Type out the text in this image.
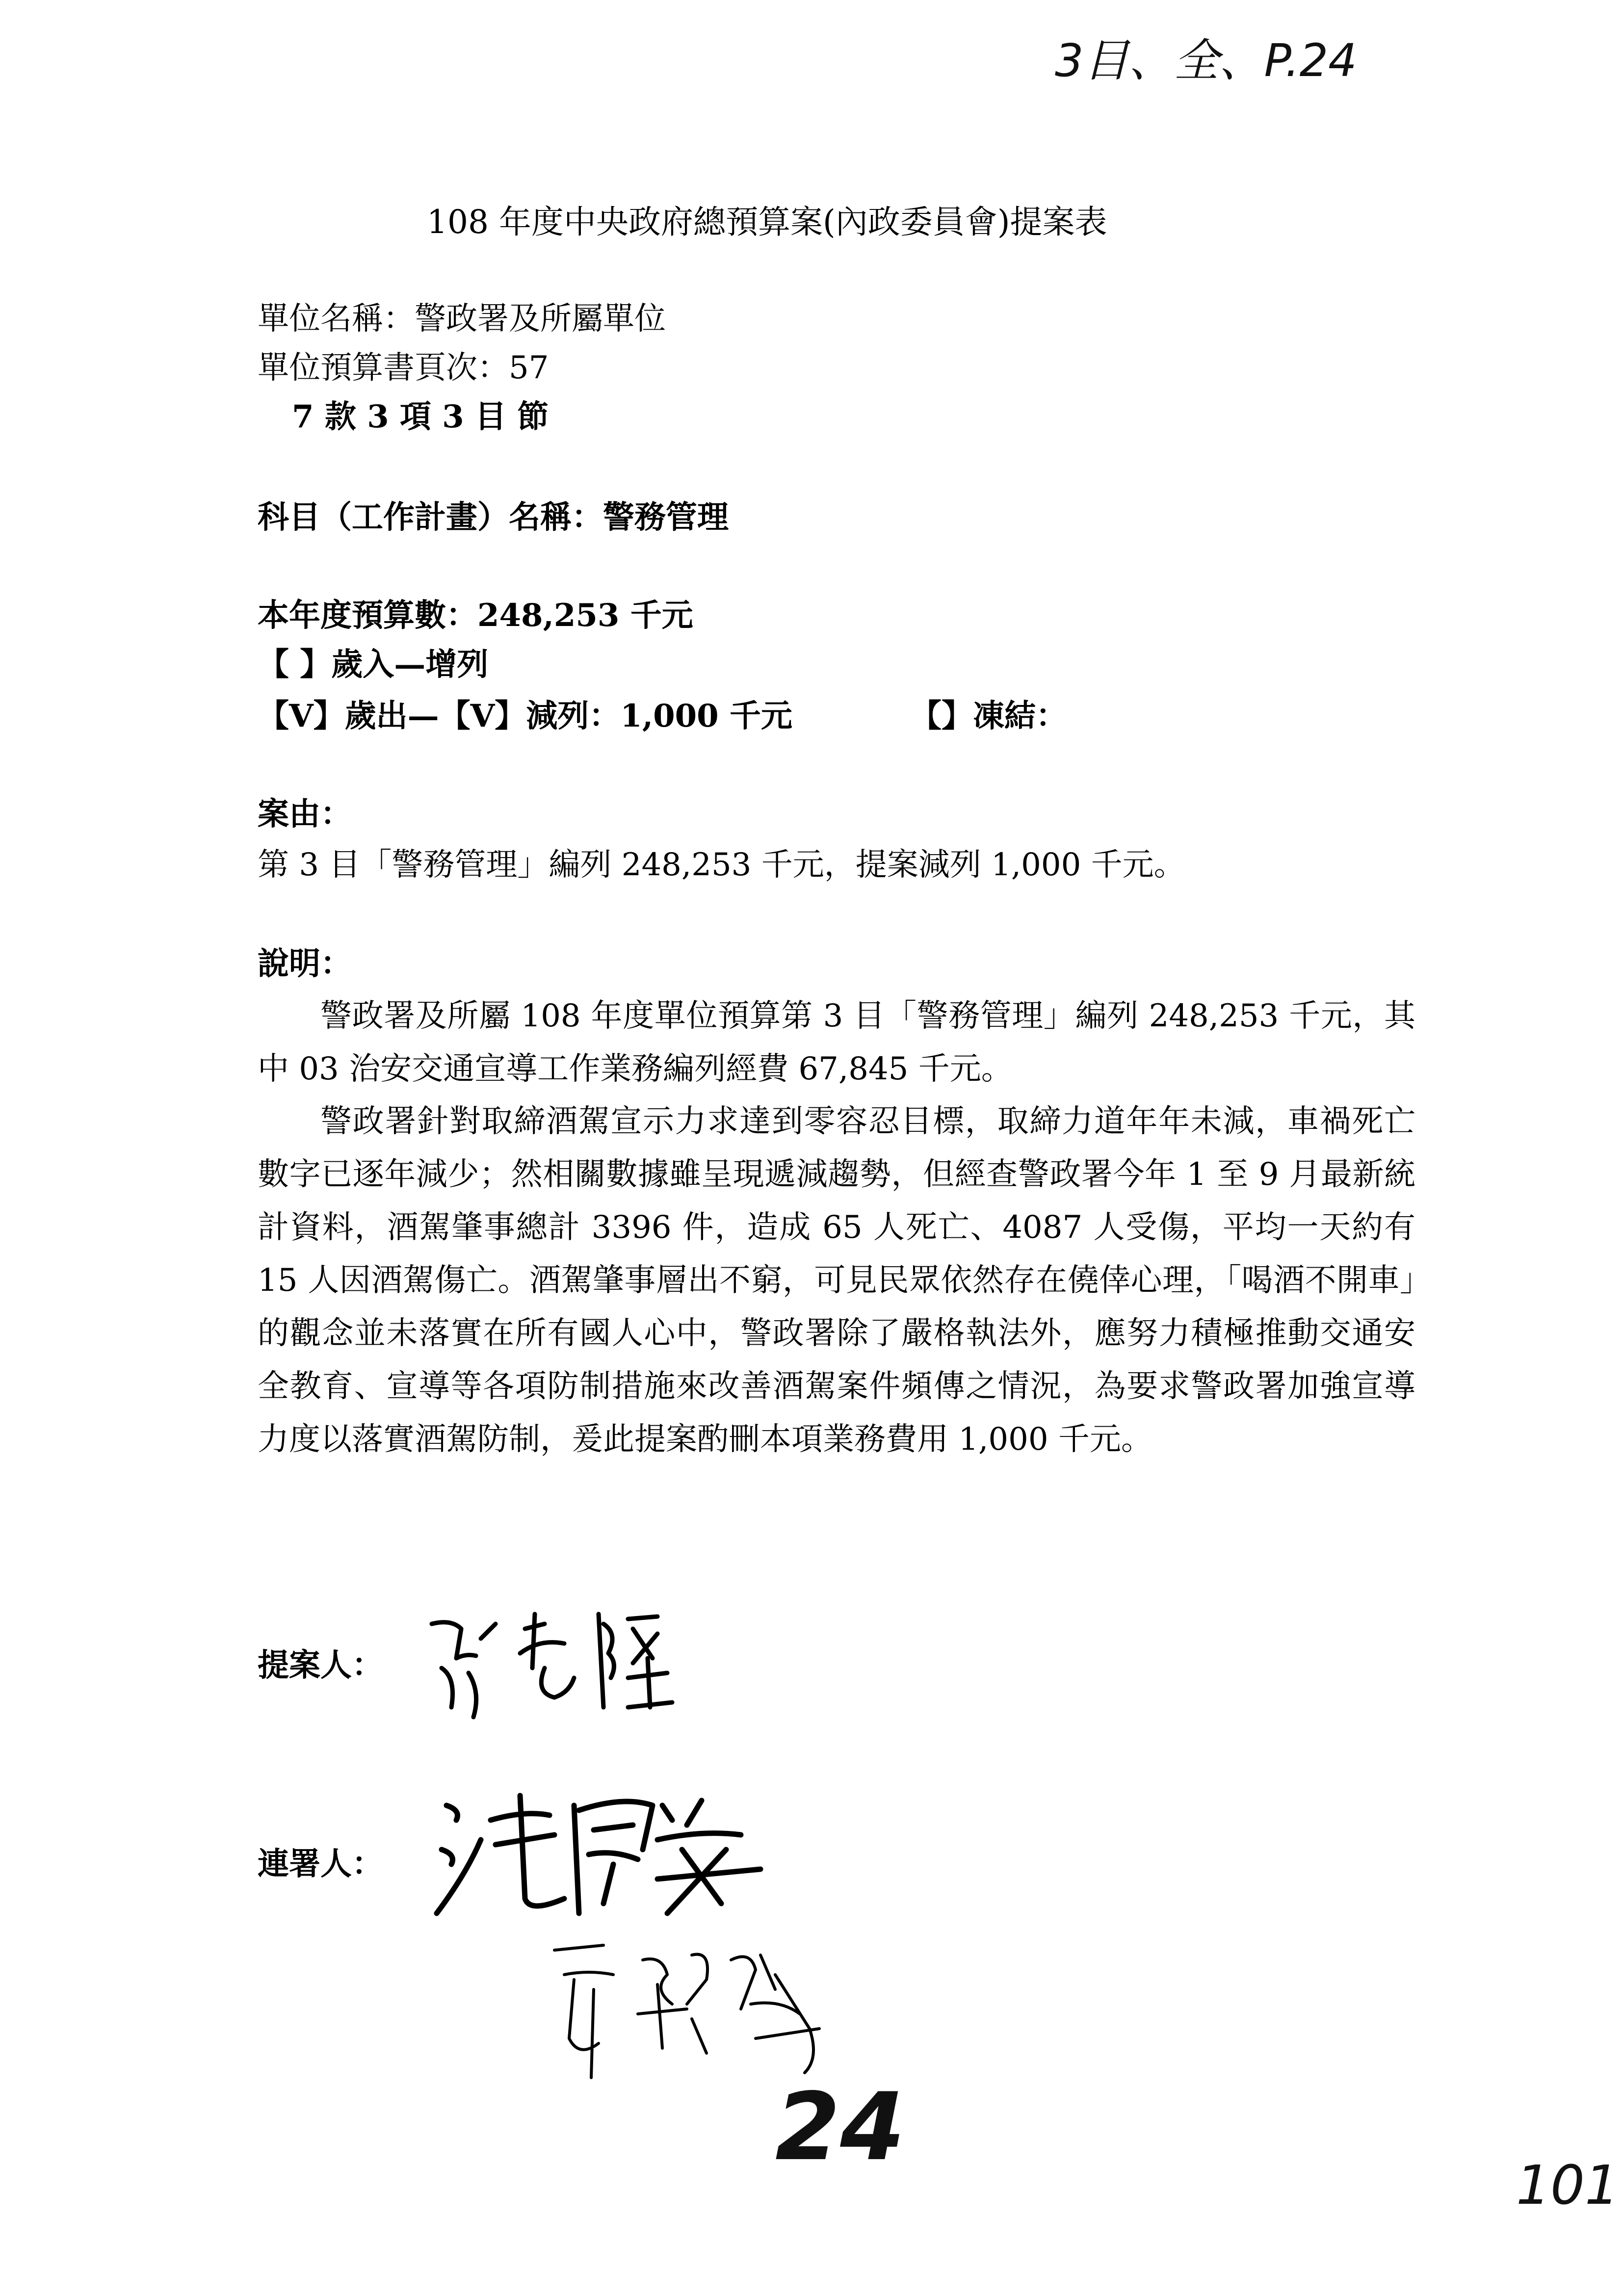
3目、全、P.24
108 年度中央政府總預算案(內政委員會)提案表
單位名稱：警政署及所屬單位
單位預算書頁次：57
7 款 3 項 3 目 節
科目（工作計畫）名稱：警務管理
本年度預算數：248,253 千元
【 】歲入—增列
【V】歲出—【V】減列：1,000 千元	【】凍結：
案由：
第 3 目「警務管理」編列 248,253 千元，提案減列 1,000 千元。
說明：
警政署及所屬 108 年度單位預算第 3 目「警務管理」編列 248,253 千元，其中 03 治安交通宣導工作業務編列經費 67,845 千元。
警政署針對取締酒駕宣示力求達到零容忍目標，取締力道年年未減，車禍死亡數字已逐年減少；然相關數據雖呈現遞減趨勢，但經查警政署今年 1 至 9 月最新統計資料，酒駕肇事總計 3396 件，造成 65 人死亡、4087 人受傷，平均一天約有 15 人因酒駕傷亡。酒駕肇事層出不窮，可見民眾依然存在僥倖心理，「喝酒不開車」的觀念並未落實在所有國人心中，警政署除了嚴格執法外，應努力積極推動交通安全教育、宣導等各項防制措施來改善酒駕案件頻傳之情況，為要求警政署加強宣導力度以落實酒駕防制，爰此提案酌刪本項業務費用 1,000 千元。
提案人：
連署人：
24
101
